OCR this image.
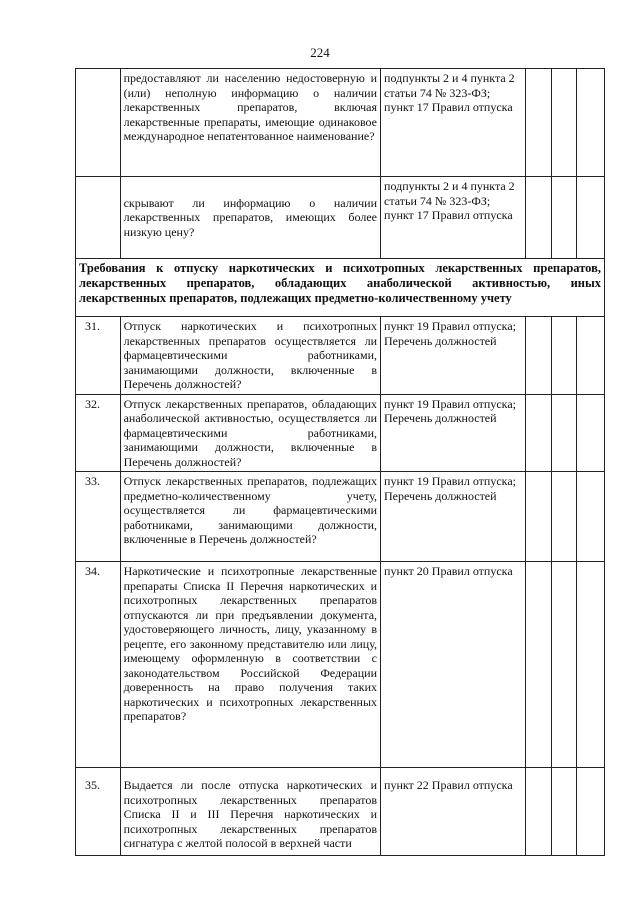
224
	предоставляют ли населению недостоверную и (или) неполную информацию о наличии лекарственных препаратов, включая лекарственные препараты, имеющие одинаковое международное непатентованное наименование?	подпункты 2 и 4 пункта 2 статьи 74 № 323-ФЗ; пункт 17 Правил отпуска			
	скрывают ли информацию о наличии лекарственных препаратов, имеющих более низкую цену?	подпункты 2 и 4 пункта 2 статьи 74 № 323-ФЗ; пункт 17 Правил отпуска			
Требования к отпуску наркотических и психотропных лекарственных препаратов, лекарственных препаратов, обладающих анаболической активностью, иных лекарственных препаратов, подлежащих предметно-количественному учету					

31.	Отпуск наркотических и психотропных лекарственных препаратов осуществляется ли фармацевтическими работниками, занимающими должности, включенные в Перечень должностей?	пункт 19 Правил отпуска; Перечень должностей			

32.	Отпуск лекарственных препаратов, обладающих анаболической активностью, осуществляется ли фармацевтическими работниками, занимающими должности, включенные в Перечень должностей?	пункт 19 Правил отпуска; Перечень должностей			

33.	Отпуск лекарственных препаратов, подлежащих предметно-количественному учету, осуществляется ли фармацевтическими работниками, занимающими должности, включенные в Перечень должностей?	пункт 19 Правил отпуска; Перечень должностей			

34.	Наркотические и психотропные лекарственные препараты Списка II Перечня наркотических и психотропных лекарственных препаратов отпускаются ли при предъявлении документа, удостоверяющего личность, лицу, указанному в рецепте, его законному представителю или лицу, имеющему оформленную в соответствии с законодательством Российской Федерации доверенность на право получения таких наркотических и психотропных лекарственных препаратов?	пункт 20 Правил отпуска			

35.	Выдается ли после отпуска наркотических и психотропных лекарственных препаратов Списка II и III Перечня наркотических и психотропных лекарственных препаратов сигнатура с желтой полосой в верхней части	пункт 22 Правил отпуска			
